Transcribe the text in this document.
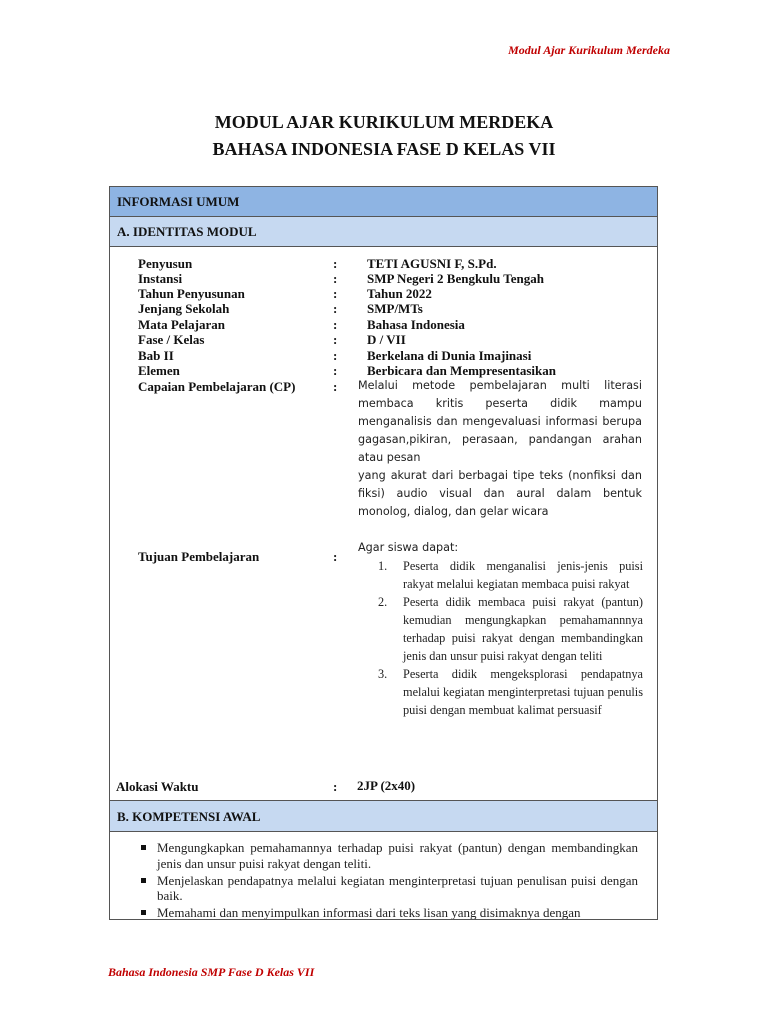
Modul Ajar Kurikulum Merdeka
MODUL AJAR KURIKULUM MERDEKA
BAHASA INDONESIA FASE D KELAS VII
INFORMASI UMUM
A. IDENTITAS MODUL
Penyusun	: TETI AGUSNI F, S.Pd.
Instansi	: SMP Negeri 2 Bengkulu Tengah
Tahun Penyusunan	: Tahun 2022
Jenjang Sekolah	: SMP/MTs
Mata Pelajaran	: Bahasa Indonesia
Fase / Kelas	: D / VII
Bab II	: Berkelana di Dunia Imajinasi
Elemen	: Berbicara dan Mempresentasikan
Capaian Pembelajaran (CP)	: Melalui metode pembelajaran multi literasi membaca kritis peserta didik mampu menganalisis dan mengevaluasi informasi berupa gagasan,pikiran, perasaan, pandangan arahan atau pesan

yang akurat dari berbagai tipe teks (nonfiksi dan fiksi) audio visual dan aural dalam bentuk monolog, dialog, dan gelar wicara

Tujuan Pembelajaran	:
Agar siswa dapat:
1. Peserta didik menganalisi jenis-jenis puisi rakyat melalui kegiatan membaca puisi rakyat
2. Peserta didik membaca puisi rakyat (pantun) kemudian mengungkapkan pemahamannnya terhadap puisi rakyat dengan membandingkan jenis dan unsur puisi rakyat dengan teliti
3. Peserta didik mengeksplorasi pendapatnya melalui kegiatan menginterpretasi tujuan penulis puisi dengan membuat kalimat persuasif
Alokasi Waktu	: 2JP (2x40)
B. KOMPETENSI AWAL
Mengungkapkan pemahamannya terhadap puisi rakyat (pantun) dengan membandingkan jenis dan unsur puisi rakyat dengan teliti.
Menjelaskan pendapatnya melalui kegiatan menginterpretasi tujuan penulisan puisi dengan baik.
Memahami dan menyimpulkan informasi dari teks lisan yang disimaknya dengan
Bahasa Indonesia SMP Fase D Kelas VII
